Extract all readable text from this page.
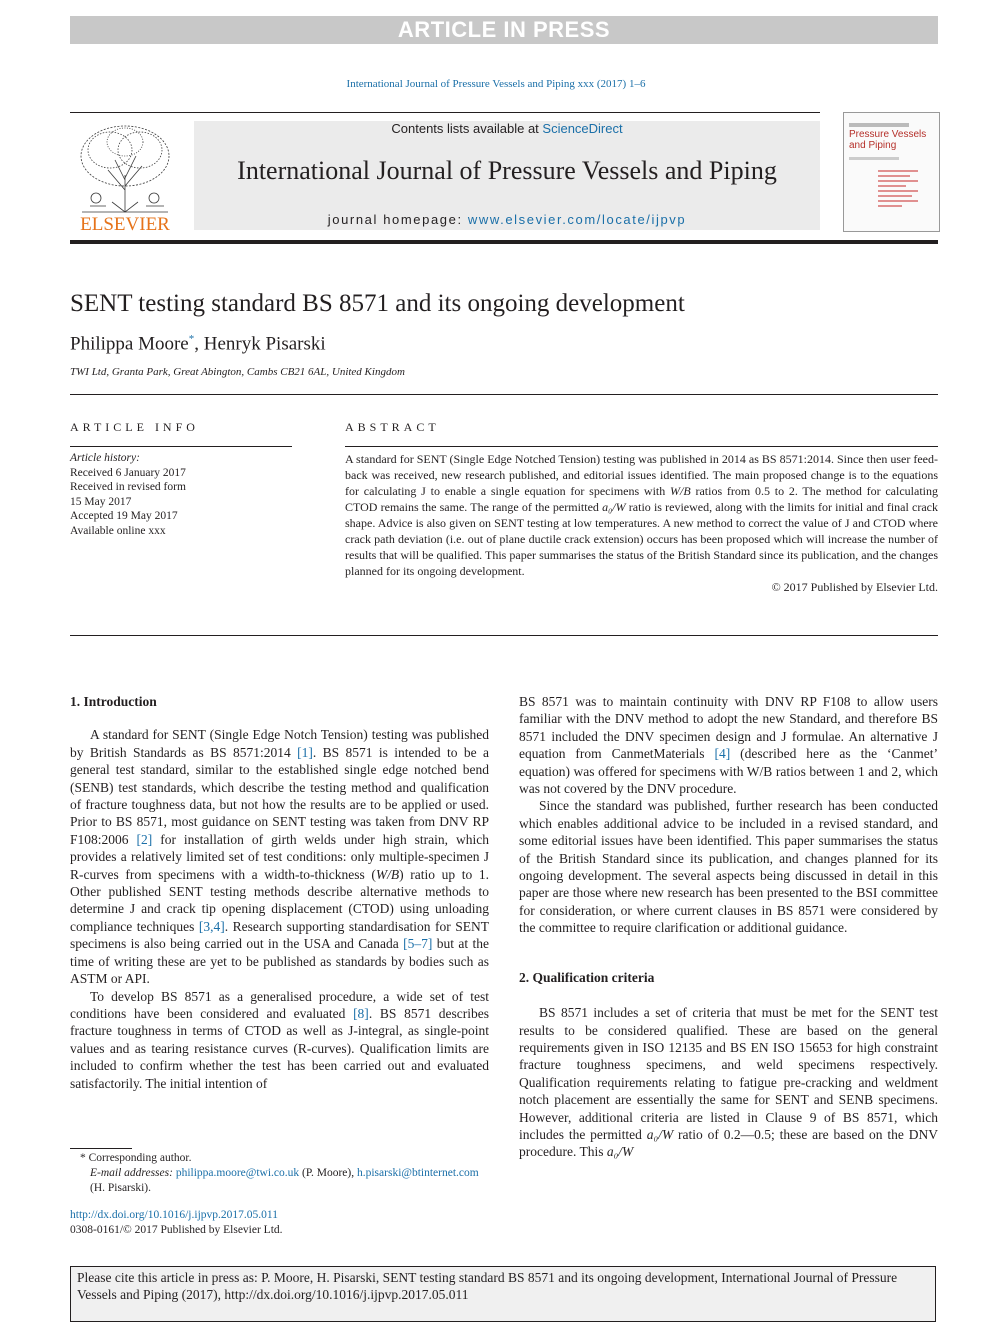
ARTICLE IN PRESS
International Journal of Pressure Vessels and Piping xxx (2017) 1–6
ELSEVIER
Contents lists available at ScienceDirect
International Journal of Pressure Vessels and Piping
journal homepage: www.elsevier.com/locate/ijpvp
Pressure Vessels
and Piping
SENT testing standard BS 8571 and its ongoing development
Philippa Moore*, Henryk Pisarski
TWI Ltd, Granta Park, Great Abington, Cambs CB21 6AL, United Kingdom
ARTICLE INFO
Article history:
Received 6 January 2017
Received in revised form
15 May 2017
Accepted 19 May 2017
Available online xxx
ABSTRACT
A standard for SENT (Single Edge Notched Tension) testing was published in 2014 as BS 8571:2014. Since then user feed-back was received, new research published, and editorial issues identified. The main proposed change is to the equations for calculating J to enable a single equation for specimens with W/B ratios from 0.5 to 2. The method for calculating CTOD remains the same. The range of the permitted a₀/W ratio is reviewed, along with the limits for initial and final crack shape. Advice is also given on SENT testing at low temperatures. A new method to correct the value of J and CTOD where crack path deviation (i.e. out of plane ductile crack extension) occurs has been proposed which will increase the number of results that will be qualified. This paper summarises the status of the British Standard since its publication, and the changes planned for its ongoing development.
© 2017 Published by Elsevier Ltd.
1. Introduction

A standard for SENT (Single Edge Notch Tension) testing was published by British Standards as BS 8571:2014 [1]. BS 8571 is intended to be a general test standard, similar to the established single edge notched bend (SENB) test standards, which describe the testing method and qualification of fracture toughness data, but not how the results are to be applied or used. Prior to BS 8571, most guidance on SENT testing was taken from DNV RP F108:2006 [2] for installation of girth welds under high strain, which provides a relatively limited set of test conditions: only multiple-specimen J R-curves from specimens with a width-to-thickness (W/B) ratio up to 1. Other published SENT testing methods describe alternative methods to determine J and crack tip opening displacement (CTOD) using unloading compliance techniques [3,4]. Research supporting standardisation for SENT specimens is also being carried out in the USA and Canada [5–7] but at the time of writing these are yet to be published as standards by bodies such as ASTM or API.

To develop BS 8571 as a generalised procedure, a wide set of test conditions have been considered and evaluated [8]. BS 8571 describes fracture toughness in terms of CTOD as well as J-integral, as single-point values and as tearing resistance curves (R-curves). Qualification limits are included to confirm whether the test has been carried out and evaluated satisfactorily. The initial intention of

BS 8571 was to maintain continuity with DNV RP F108 to allow users familiar with the DNV method to adopt the new Standard, and therefore BS 8571 included the DNV specimen design and J formulae. An alternative J equation from CanmetMaterials [4] (described here as the ‘Canmet’ equation) was offered for specimens with W/B ratios between 1 and 2, which was not covered by the DNV procedure.

Since the standard was published, further research has been conducted which enables additional advice to be included in a revised standard, and some editorial issues have been identified. This paper summarises the status of the British Standard since its publication, and changes planned for its ongoing development. The several aspects being discussed in detail in this paper are those where new research has been presented to the BSI committee for consideration, or where current clauses in BS 8571 were considered by the committee to require clarification or additional guidance.

2. Qualification criteria

BS 8571 includes a set of criteria that must be met for the SENT test results to be considered qualified. These are based on the general requirements given in ISO 12135 and BS EN ISO 15653 for high constraint fracture toughness specimens, and weld specimens respectively. Qualification requirements relating to fatigue pre-cracking and weldment notch placement are essentially the same for SENT and SENB specimens. However, additional criteria are listed in Clause 9 of BS 8571, which includes the permitted a₀/W ratio of 0.2—0.5; these are based on the DNV procedure. This a₀/W

* Corresponding author.
E-mail addresses: philippa.moore@twi.co.uk (P. Moore), h.pisarski@btinternet.com (H. Pisarski).
http://dx.doi.org/10.1016/j.ijpvp.2017.05.011
0308-0161/© 2017 Published by Elsevier Ltd.
Please cite this article in press as: P. Moore, H. Pisarski, SENT testing standard BS 8571 and its ongoing development, International Journal of Pressure Vessels and Piping (2017), http://dx.doi.org/10.1016/j.ijpvp.2017.05.011
